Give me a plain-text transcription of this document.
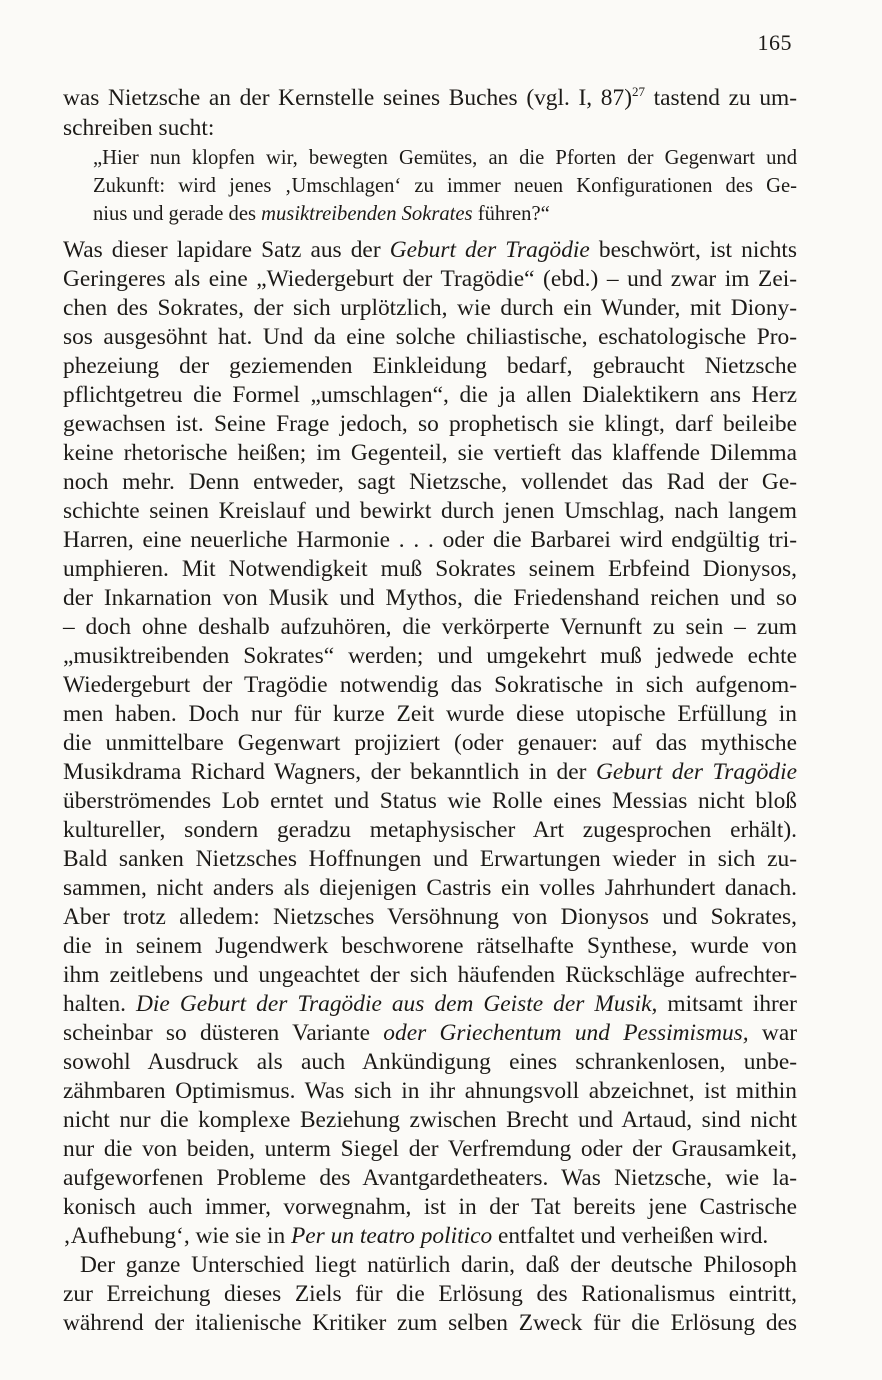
165
was Nietzsche an der Kernstelle seines Buches (vgl. I, 87)$^{27}$ tastend zu um-
schreiben sucht:
„Hier nun klopfen wir, bewegten Gemütes, an die Pforten der Gegenwart und
Zukunft: wird jenes ‚Umschlagen‘ zu immer neuen Konfigurationen des Ge-
nius und gerade des musiktreibenden Sokrates führen?“
Was dieser lapidare Satz aus der Geburt der Tragödie beschwört, ist nichts
Geringeres als eine „Wiedergeburt der Tragödie“ (ebd.) – und zwar im Zei-
chen des Sokrates, der sich urplötzlich, wie durch ein Wunder, mit Diony-
sos ausgesöhnt hat. Und da eine solche chiliastische, eschatologische Pro-
phezeiung der geziemenden Einkleidung bedarf, gebraucht Nietzsche
pflichtgetreu die Formel „umschlagen“, die ja allen Dialektikern ans Herz
gewachsen ist. Seine Frage jedoch, so prophetisch sie klingt, darf beileibe
keine rhetorische heißen; im Gegenteil, sie vertieft das klaffende Dilemma
noch mehr. Denn entweder, sagt Nietzsche, vollendet das Rad der Ge-
schichte seinen Kreislauf und bewirkt durch jenen Umschlag, nach langem
Harren, eine neuerliche Harmonie . . . oder die Barbarei wird endgültig tri-
umphieren. Mit Notwendigkeit muß Sokrates seinem Erbfeind Dionysos,
der Inkarnation von Musik und Mythos, die Friedenshand reichen und so
– doch ohne deshalb aufzuhören, die verkörperte Vernunft zu sein – zum
„musiktreibenden Sokrates“ werden; und umgekehrt muß jedwede echte
Wiedergeburt der Tragödie notwendig das Sokratische in sich aufgenom-
men haben. Doch nur für kurze Zeit wurde diese utopische Erfüllung in
die unmittelbare Gegenwart projiziert (oder genauer: auf das mythische
Musikdrama Richard Wagners, der bekanntlich in der Geburt der Tragödie
überströmendes Lob erntet und Status wie Rolle eines Messias nicht bloß
kultureller, sondern geradzu metaphysischer Art zugesprochen erhält).
Bald sanken Nietzsches Hoffnungen und Erwartungen wieder in sich zu-
sammen, nicht anders als diejenigen Castris ein volles Jahrhundert danach.
Aber trotz alledem: Nietzsches Versöhnung von Dionysos und Sokrates,
die in seinem Jugendwerk beschworene rätselhafte Synthese, wurde von
ihm zeitlebens und ungeachtet der sich häufenden Rückschläge aufrechter-
halten. Die Geburt der Tragödie aus dem Geiste der Musik, mitsamt ihrer
scheinbar so düsteren Variante oder Griechentum und Pessimismus, war
sowohl Ausdruck als auch Ankündigung eines schrankenlosen, unbe-
zähmbaren Optimismus. Was sich in ihr ahnungsvoll abzeichnet, ist mithin
nicht nur die komplexe Beziehung zwischen Brecht und Artaud, sind nicht
nur die von beiden, unterm Siegel der Verfremdung oder der Grausamkeit,
aufgeworfenen Probleme des Avantgardetheaters. Was Nietzsche, wie la-
konisch auch immer, vorwegnahm, ist in der Tat bereits jene Castrische
‚Aufhebung‘, wie sie in Per un teatro politico entfaltet und verheißen wird.
Der ganze Unterschied liegt natürlich darin, daß der deutsche Philosoph
zur Erreichung dieses Ziels für die Erlösung des Rationalismus eintritt,
während der italienische Kritiker zum selben Zweck für die Erlösung des
